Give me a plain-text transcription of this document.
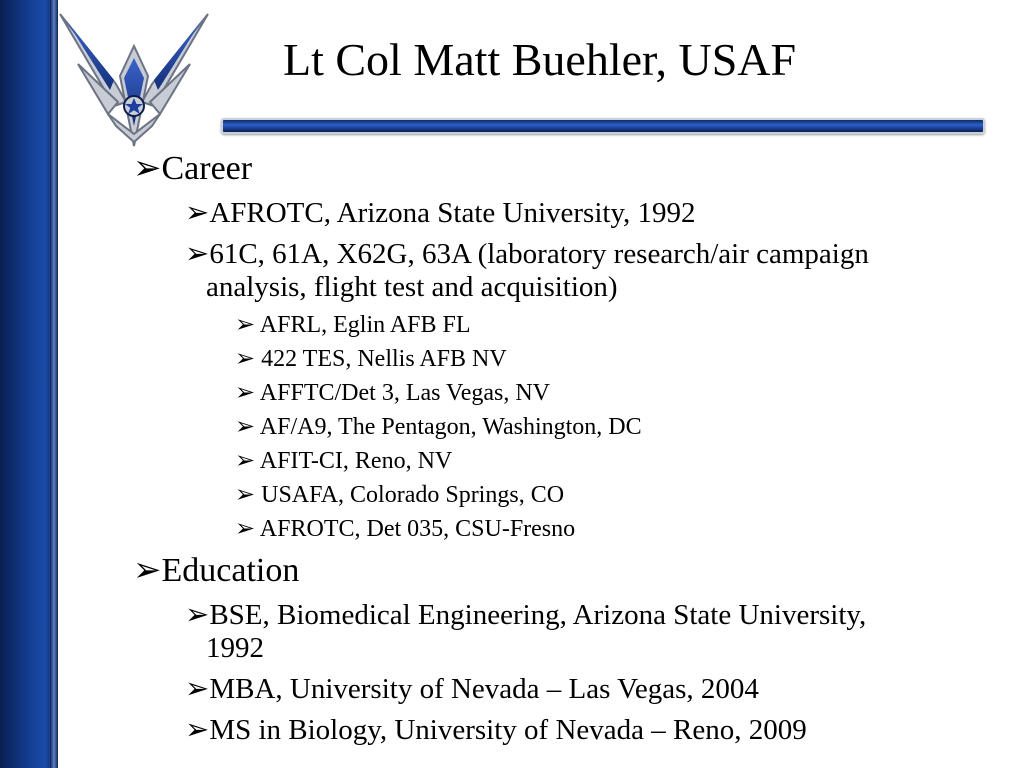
Lt Col Matt Buehler, USAF
➢Career
➢AFROTC, Arizona State University, 1992
➢61C, 61A, X62G, 63A (laboratory research/air campaign
analysis, flight test and acquisition)
➢ AFRL, Eglin AFB FL
➢ 422 TES, Nellis AFB NV
➢ AFFTC/Det 3, Las Vegas, NV
➢ AF/A9, The Pentagon, Washington, DC
➢ AFIT-CI, Reno, NV
➢ USAFA, Colorado Springs, CO
➢ AFROTC, Det 035, CSU-Fresno
➢Education
➢BSE, Biomedical Engineering, Arizona State University,
1992
➢MBA, University of Nevada – Las Vegas, 2004
➢MS in Biology, University of Nevada – Reno, 2009
